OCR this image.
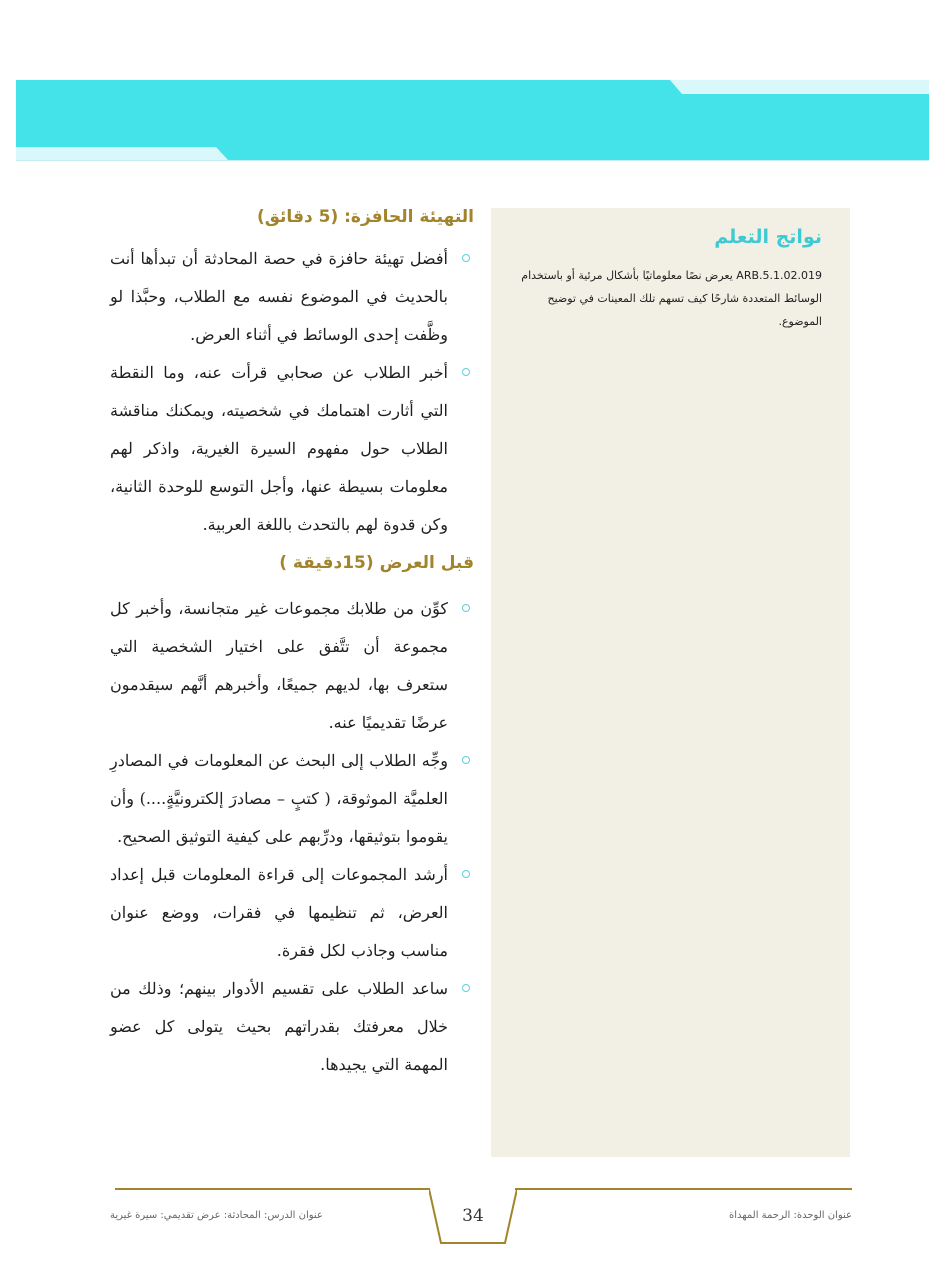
نواتج التعلم
ARB.5.1.02.019 يعرض نصًا معلوماتيًا بأشكال مرئية أو باستخدام الوسائط المتعددة شارحًا كيف تسهم تلك المعينات في توضيح الموضوع.
التهيئة الحافزة: (5 دقائق)
أفضل تهيئة حافزة في حصة المحادثة أن تبدأها أنت بالحديث في الموضوع نفسه مع الطلاب، وحبَّذا لو وظَّفت إحدى الوسائط في أثناء العرض.
أخبر الطلاب عن صحابي قرأت عنه، وما النقطة التي أثارت اهتمامك في شخصيته، ويمكنك مناقشة الطلاب حول مفهوم السيرة الغيرية، واذكر لهم معلومات بسيطة عنها، وأجل التوسع للوحدة الثانية، وكن قدوة لهم بالتحدث باللغة العربية.
قبل العرض (15دقيقة )
كوِّن من طلابك مجموعات غير متجانسة، وأخبر كل مجموعة أن تتَّفق على اختيار الشخصية التي ستعرف بها، لديهم جميعًا، وأخبرهم أنَّهم سيقدمون عرضًا تقديميًا عنه.
وجِّه الطلاب إلى البحث عن المعلومات في المصادرِ العلميَّة الموثوقة، ( كتبٍ – مصادرَ إلكترونيَّةٍ....) وأن يقوموا بتوثيقها، ودرِّبهم على كيفية التوثيق الصحيح.
أرشد المجموعات إلى قراءة المعلومات قبل إعداد العرض، ثم تنظيمها في فقرات، ووضع عنوان مناسب وجاذب لكل فقرة.
ساعد الطلاب على تقسيم الأدوار بينهم؛ وذلك من خلال معرفتك بقدراتهم بحيث يتولى كل عضو المهمة التي يجيدها.
34
عنوان الدرس: المحادثة: عرض تقديمي: سيرة غيرية	عنوان الوحدة: الرحمة المهداة
